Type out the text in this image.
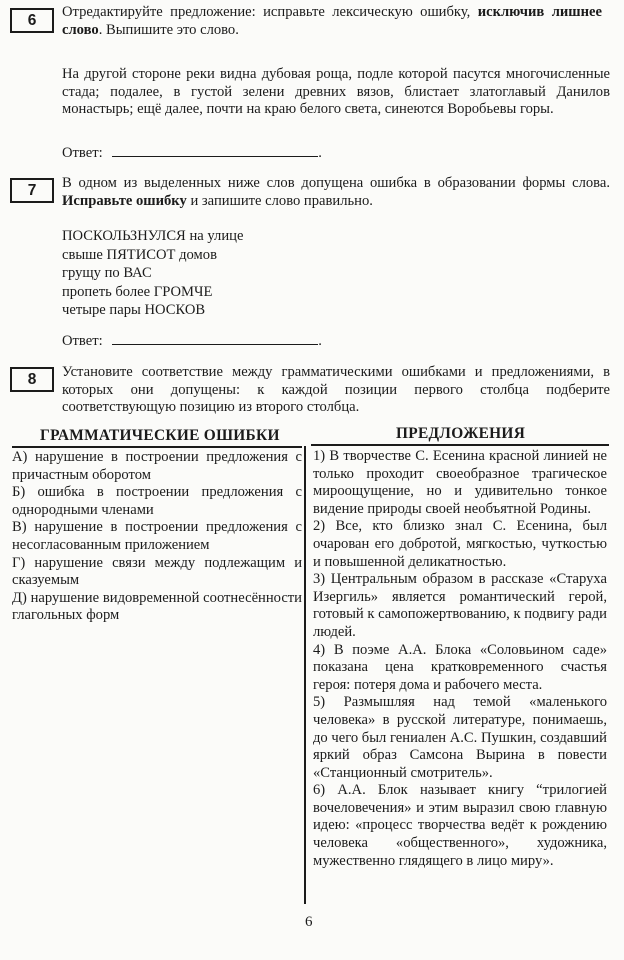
6	Отредактируйте предложение: исправьте лексическую ошибку, исключив лишнее слово. Выпишите это слово.

На другой стороне реки видна дубовая роща, подле которой пасутся многочисленные стада; подалее, в густой зелени древних вязов, блистает златоглавый Данилов монастырь; ещё далее, почти на краю белого света, синеются Воробьевы горы.

Ответ:	.
7	В одном из выделенных ниже слов допущена ошибка в образовании формы слова. Исправьте ошибку и запишите слово правильно.

ПОСКОЛЬЗНУЛСЯ на улице
свыше ПЯТИСОТ домов
грущу по ВАС
пропеть более ГРОМЧЕ
четыре пары НОСКОВ
Ответ:	.
8	Установите соответствие между грамматическими ошибками и предложениями, в которых они допущены: к каждой позиции первого столбца подберите соответствующую позицию из второго столбца.

ГРАММАТИЧЕСКИЕ ОШИБКИ	ПРЕДЛОЖЕНИЯ
А) нарушение в построении предложения с причастным оборотом
Б) ошибка в построении предложения с однородными членами
В) нарушение в построении предложения с несогласованным приложением
Г) нарушение связи между подлежащим и сказуемым
Д) нарушение видовременной соотнесённости глагольных форм
1) В творчестве С. Есенина красной линией не только проходит своеобразное трагическое мироощущение, но и удивительно тонкое видение природы своей необъятной Родины.
2) Все, кто близко знал С. Есенина, был очарован его добротой, мягкостью, чуткостью и повышенной деликатностью.
3) Центральным образом в рассказе «Старуха Изергиль» является романтический герой, готовый к самопожертвованию, к подвигу ради людей.
4) В поэме А.А. Блока «Соловьином саде» показана цена кратковременного счастья героя: потеря дома и рабочего места.
5) Размышляя над темой «маленького человека» в русской литературе, понимаешь, до чего был гениален А.С. Пушкин, создавший яркий образ Самсона Вырина в повести «Станционный смотритель».
6) А.А. Блок называет книгу “трилогией вочеловечения» и этим выразил свою главную идею: «процесс творчества ведёт к рождению человека «общественного», художника, мужественно глядящего в лицо миру».
6
